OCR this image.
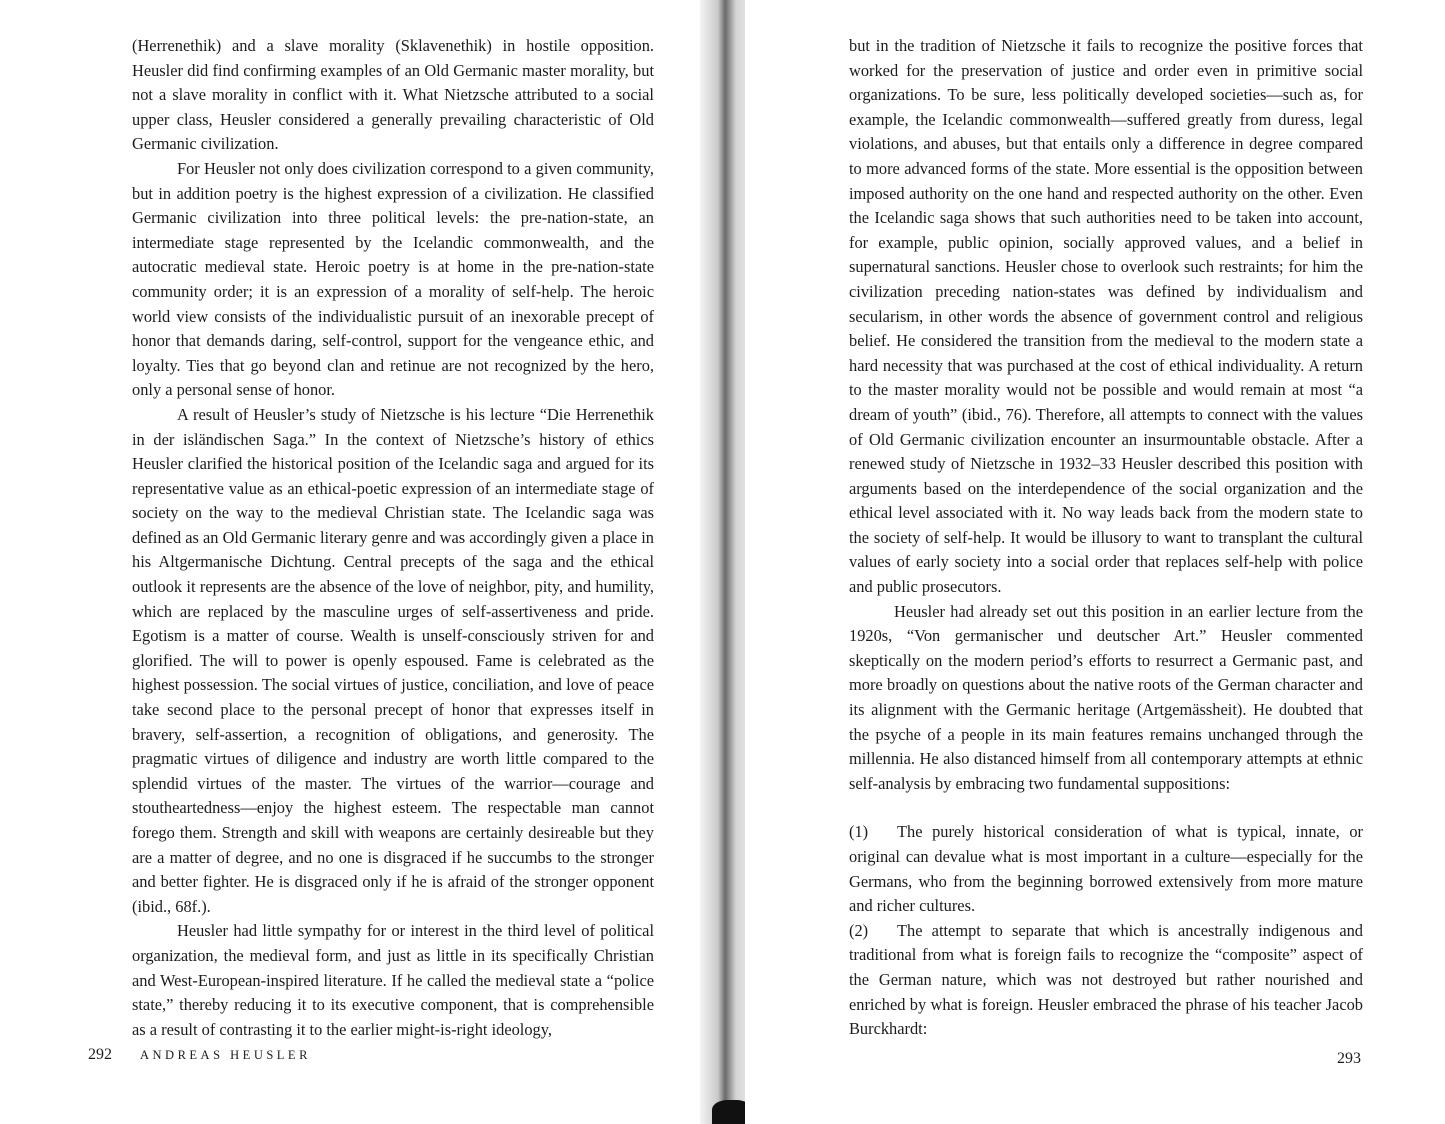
(Herrenethik) and a slave morality (Sklavenethik) in hostile opposition. Heusler did find confirming examples of an Old Germanic master morality, but not a slave morality in conflict with it. What Nietzsche attributed to a social upper class, Heusler considered a generally prevailing characteristic of Old Germanic civilization.

For Heusler not only does civilization correspond to a given community, but in addition poetry is the highest expression of a civilization. He classified Germanic civilization into three political levels: the pre-nation-state, an intermediate stage represented by the Icelandic commonwealth, and the autocratic medieval state. Heroic poetry is at home in the pre-nation-state community order; it is an expression of a morality of self-help. The heroic world view consists of the individualistic pursuit of an inexorable precept of honor that demands daring, self-control, support for the vengeance ethic, and loyalty. Ties that go beyond clan and retinue are not recognized by the hero, only a personal sense of honor.

A result of Heusler’s study of Nietzsche is his lecture “Die Herrenethik in der isländischen Saga.” In the context of Nietzsche’s history of ethics Heusler clarified the historical position of the Icelandic saga and argued for its representative value as an ethical-poetic expression of an intermediate stage of society on the way to the medieval Christian state. The Icelandic saga was defined as an Old Germanic literary genre and was accordingly given a place in his Altgermanische Dichtung. Central precepts of the saga and the ethical outlook it represents are the absence of the love of neighbor, pity, and humility, which are replaced by the masculine urges of self-assertiveness and pride. Egotism is a matter of course. Wealth is unself-consciously striven for and glorified. The will to power is openly espoused. Fame is celebrated as the highest possession. The social virtues of justice, conciliation, and love of peace take second place to the personal precept of honor that expresses itself in bravery, self-assertion, a recognition of obligations, and generosity. The pragmatic virtues of diligence and industry are worth little compared to the splendid virtues of the master. The virtues of the warrior—courage and stoutheartedness—enjoy the highest esteem. The respectable man cannot forego them. Strength and skill with weapons are certainly desireable but they are a matter of degree, and no one is disgraced if he succumbs to the stronger and better fighter. He is disgraced only if he is afraid of the stronger opponent (ibid., 68f.).

Heusler had little sympathy for or interest in the third level of political organization, the medieval form, and just as little in its specifically Christian and West-European-inspired literature. If he called the medieval state a “police state,” thereby reducing it to its executive component, that is comprehensible as a result of contrasting it to the earlier might-is-right ideology,

292 ANDREAS HEUSLER

but in the tradition of Nietzsche it fails to recognize the positive forces that worked for the preservation of justice and order even in primitive social organizations. To be sure, less politically developed societies—such as, for example, the Icelandic commonwealth—suffered greatly from duress, legal violations, and abuses, but that entails only a difference in degree compared to more advanced forms of the state. More essential is the opposition between imposed authority on the one hand and respected authority on the other. Even the Icelandic saga shows that such authorities need to be taken into account, for example, public opinion, socially approved values, and a belief in supernatural sanctions. Heusler chose to overlook such restraints; for him the civilization preceding nation-states was defined by individualism and secularism, in other words the absence of government control and religious belief. He considered the transition from the medieval to the modern state a hard necessity that was purchased at the cost of ethical individuality. A return to the master morality would not be possible and would remain at most “a dream of youth” (ibid., 76). Therefore, all attempts to connect with the values of Old Germanic civilization encounter an insurmountable obstacle. After a renewed study of Nietzsche in 1932–33 Heusler described this position with arguments based on the interdependence of the social organization and the ethical level associated with it. No way leads back from the modern state to the society of self-help. It would be illusory to want to transplant the cultural values of early society into a social order that replaces self-help with police and public prosecutors.

Heusler had already set out this position in an earlier lecture from the 1920s, “Von germanischer und deutscher Art.” Heusler commented skeptically on the modern period’s efforts to resurrect a Germanic past, and more broadly on questions about the native roots of the German character and its alignment with the Germanic heritage (Artgemässheit). He doubted that the psyche of a people in its main features remains unchanged through the millennia. He also distanced himself from all contemporary attempts at ethnic self-analysis by embracing two fundamental suppositions:

(1) The purely historical consideration of what is typical, innate, or original can devalue what is most important in a culture—especially for the Germans, who from the beginning borrowed extensively from more mature and richer cultures.

(2) The attempt to separate that which is ancestrally indigenous and traditional from what is foreign fails to recognize the “composite” aspect of the German nature, which was not destroyed but rather nourished and enriched by what is foreign. Heusler embraced the phrase of his teacher Jacob Burckhardt:

293
